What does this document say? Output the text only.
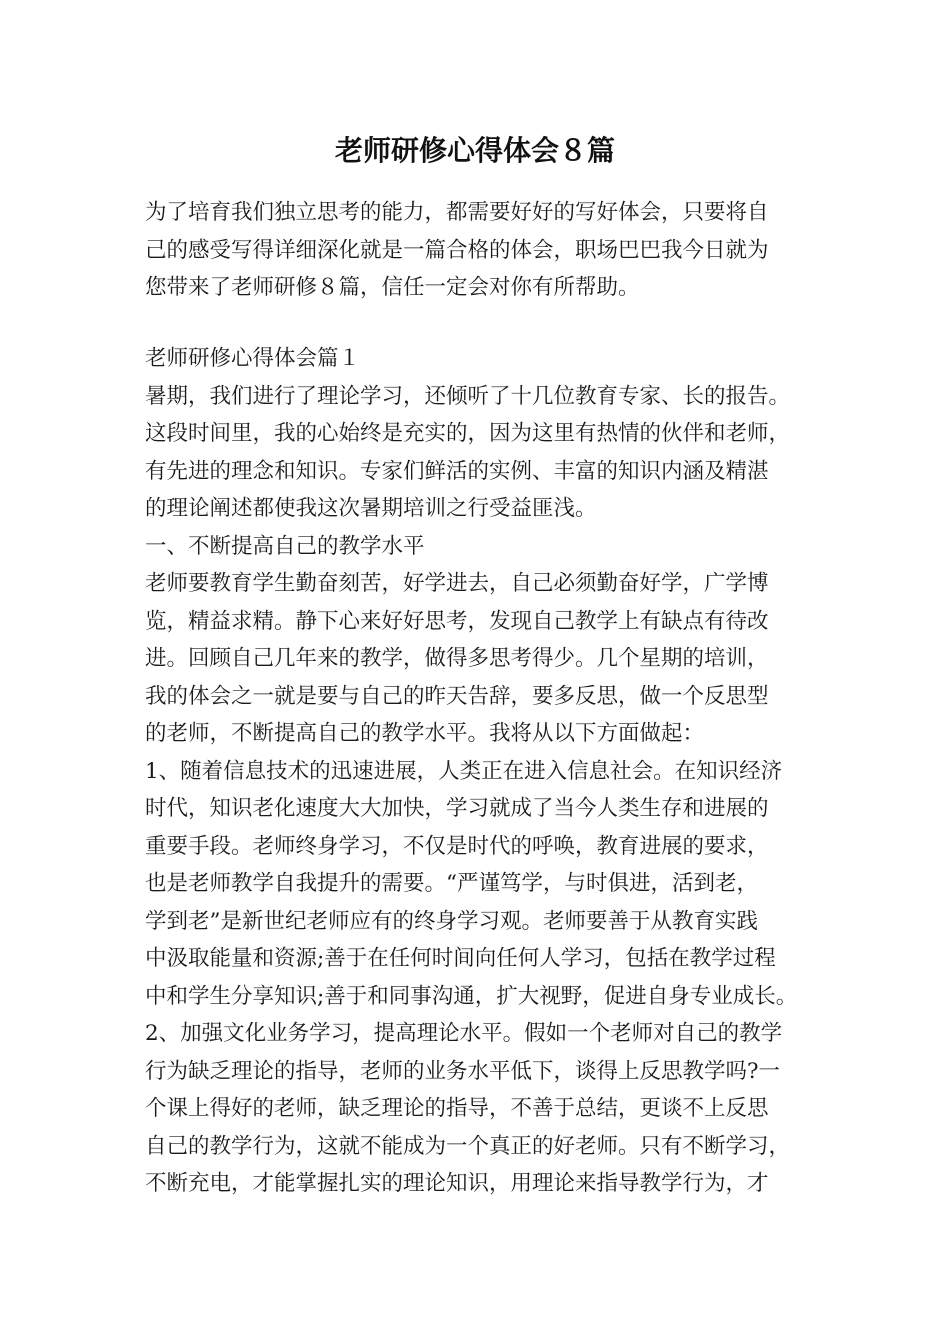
老师研修心得体会８篇

为了培育我们独立思考的能力，都需要好好的写好体会，只要将自

己的感受写得详细深化就是一篇合格的体会，职场巴巴我今日就为

您带来了老师研修８篇，信任一定会对你有所帮助。

老师研修心得体会篇１

暑期，我们进行了理论学习，还倾听了十几位教育专家、长的报告。

这段时间里，我的心始终是充实的，因为这里有热情的伙伴和老师，

有先进的理念和知识。专家们鲜活的实例、丰富的知识内涵及精湛

的理论阐述都使我这次暑期培训之行受益匪浅。

一、不断提高自己的教学水平

老师要教育学生勤奋刻苦，好学进去，自己必须勤奋好学，广学博

览，精益求精。静下心来好好思考，发现自己教学上有缺点有待改

进。回顾自己几年来的教学，做得多思考得少。几个星期的培训，

我的体会之一就是要与自己的昨天告辞，要多反思，做一个反思型

的老师，不断提高自己的教学水平。我将从以下方面做起：

1、随着信息技术的迅速进展，人类正在进入信息社会。在知识经济

时代，知识老化速度大大加快，学习就成了当今人类生存和进展的

重要手段。老师终身学习，不仅是时代的呼唤，教育进展的要求，

也是老师教学自我提升的需要。“严谨笃学，与时俱进，活到老，

学到老”是新世纪老师应有的终身学习观。老师要善于从教育实践

中汲取能量和资源;善于在任何时间向任何人学习，包括在教学过程

中和学生分享知识;善于和同事沟通，扩大视野，促进自身专业成长。

2、加强文化业务学习，提高理论水平。假如一个老师对自己的教学

行为缺乏理论的指导，老师的业务水平低下，谈得上反思教学吗?一

个课上得好的老师，缺乏理论的指导，不善于总结，更谈不上反思

自己的教学行为，这就不能成为一个真正的好老师。只有不断学习，

不断充电，才能掌握扎实的理论知识，用理论来指导教学行为，才
